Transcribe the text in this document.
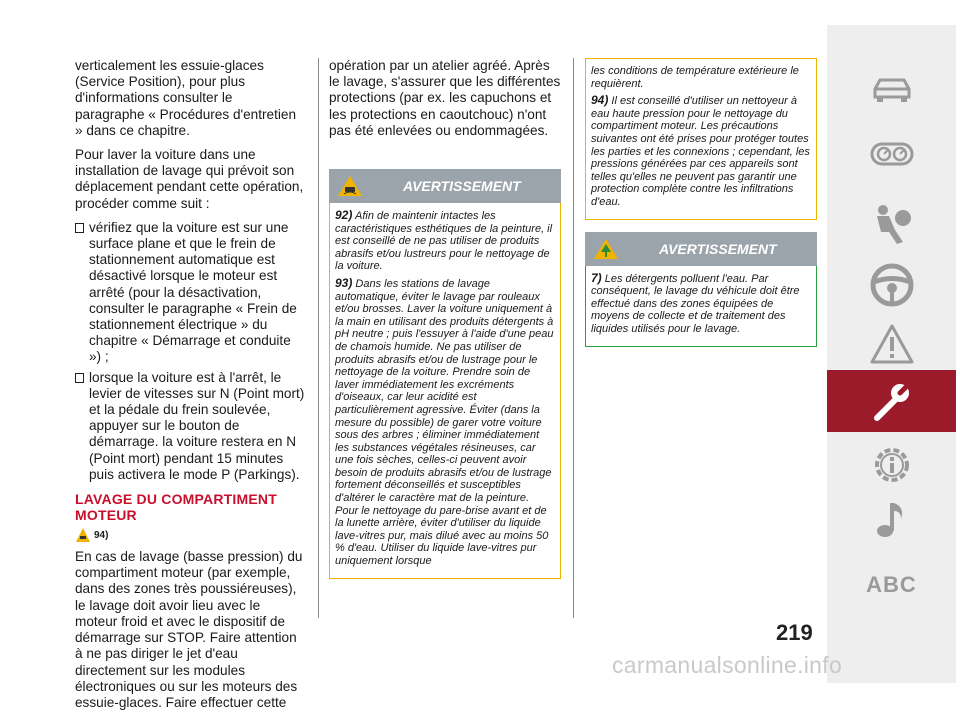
verticalement les essuie-glaces (Service Position), pour plus d'informations consulter le paragraphe « Procédures d'entretien » dans ce chapitre.

Pour laver la voiture dans une installation de lavage qui prévoit son déplacement pendant cette opération, procéder comme suit :

vérifiez que la voiture est sur une surface plane et que le frein de stationnement automatique est désactivé lorsque le moteur est arrêté (pour la désactivation, consulter le paragraphe « Frein de stationnement électrique » du chapitre « Démarrage et conduite ») ;
lorsque la voiture est à l'arrêt, le levier de vitesses sur N (Point mort) et la pédale du frein soulevée, appuyer sur le bouton de démarrage. la voiture restera en N (Point mort) pendant 15 minutes puis activera le mode P (Parkings).
LAVAGE DU COMPARTIMENT MOTEUR
94)

En cas de lavage (basse pression) du compartiment moteur (par exemple, dans des zones très poussiéreuses), le lavage doit avoir lieu avec le moteur froid et avec le dispositif de démarrage sur STOP. Faire attention à ne pas diriger le jet d'eau directement sur les modules électroniques ou sur les moteurs des essuie-glaces. Faire effectuer cette

opération par un atelier agréé. Après le lavage, s'assurer que les différentes protections (par ex. les capuchons et les protections en caoutchouc) n'ont pas été enlevées ou endommagées.

AVERTISSEMENT

92) Afin de maintenir intactes les caractéristiques esthétiques de la peinture, il est conseillé de ne pas utiliser de produits abrasifs et/ou lustreurs pour le nettoyage de la voiture.

93) Dans les stations de lavage automatique, éviter le lavage par rouleaux et/ou brosses. Laver la voiture uniquement à la main en utilisant des produits détergents à pH neutre ; puis l'essuyer à l'aide d'une peau de chamois humide. Ne pas utiliser de produits abrasifs et/ou de lustrage pour le nettoyage de la voiture. Prendre soin de laver immédiatement les excréments d'oiseaux, car leur acidité est particulièrement agressive. Éviter (dans la mesure du possible) de garer votre voiture sous des arbres ; éliminer immédiatement les substances végétales résineuses, car une fois sèches, celles-ci peuvent avoir besoin de produits abrasifs et/ou de lustrage fortement déconseillés et susceptibles d'altérer le caractère mat de la peinture. Pour le nettoyage du pare-brise avant et de la lunette arrière, éviter d'utiliser du liquide lave-vitres pur, mais dilué avec au moins 50 % d'eau. Utiliser du liquide lave-vitres pur uniquement lorsque

les conditions de température extérieure le requièrent.

94) Il est conseillé d'utiliser un nettoyeur à eau haute pression pour le nettoyage du compartiment moteur. Les précautions suivantes ont été prises pour protéger toutes les parties et les connexions ; cependant, les pressions générées par ces appareils sont telles qu'elles ne peuvent pas garantir une protection complète contre les infiltrations d'eau.

AVERTISSEMENT

7) Les détergents polluent l'eau. Par conséquent, le lavage du véhicule doit être effectué dans des zones équipées de moyens de collecte et de traitement des liquides utilisés pour le lavage.

ABC
219
carmanualsonline.info
